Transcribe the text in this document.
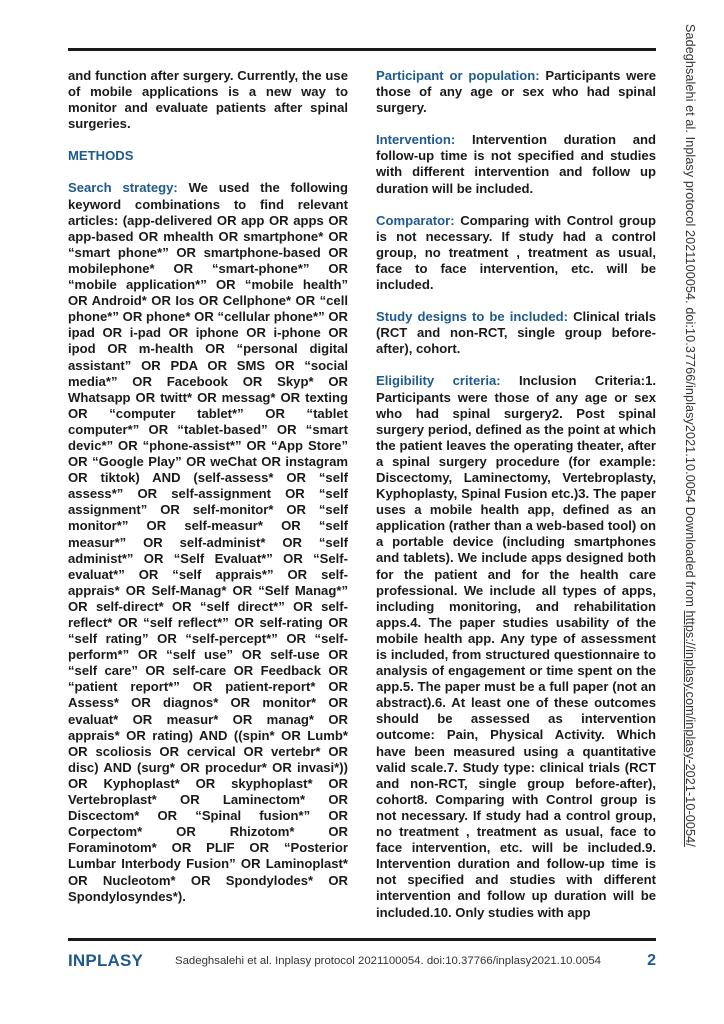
and function after surgery. Currently, the use of mobile applications is a new way to monitor and evaluate patients after spinal surgeries.

METHODS

Search strategy: We used the following keyword combinations to find relevant articles: (app-delivered OR app OR apps OR app-based OR mhealth OR smartphone* OR “smart phone*” OR smartphone-based OR mobilephone* OR “smart-phone*” OR “mobile application*” OR “mobile health” OR Android* OR Ios OR Cellphone* OR “cell phone*” OR phone* OR “cellular phone*” OR ipad OR i-pad OR iphone OR i-phone OR ipod OR m-health OR “personal digital assistant” OR PDA OR SMS OR “social media*” OR Facebook OR Skyp* OR Whatsapp OR twitt* OR messag* OR texting OR “computer tablet*” OR “tablet computer*” OR “tablet-based” OR “smart devic*” OR “phone-assist*” OR “App Store” OR “Google Play” OR weChat OR instagram OR tiktok) AND (self-assess* OR “self assess*” OR self-assignment OR “self assignment” OR self-monitor* OR “self monitor*” OR self-measur* OR “self measur*” OR self-administ* OR “self administ*” OR “Self Evaluat*” OR “Self-evaluat*” OR “self apprais*” OR self-apprais* OR Self-Manag* OR “Self Manag*” OR self-direct* OR “self direct*” OR self-reflect* OR “self reflect*” OR self-rating OR “self rating” OR “self-percept*” OR “self-perform*” OR “self use” OR self-use OR “self care” OR self-care OR Feedback OR “patient report*” OR patient-report* OR Assess* OR diagnos* OR monitor* OR evaluat* OR measur* OR manag* OR apprais* OR rating) AND ((spin* OR Lumb* OR scoliosis OR cervical OR vertebr* OR disc) AND (surg* OR procedur* OR invasi*)) OR Kyphoplast* OR skyphoplast* OR Vertebroplast* OR Laminectom* OR Discectom* OR “Spinal fusion*” OR Corpectom* OR Rhizotom* OR Foraminotom* OR PLIF OR “Posterior Lumbar Interbody Fusion” OR Laminoplast* OR Nucleotom* OR Spondylodes* OR Spondylosyndes*).

Participant or population: Participants were those of any age or sex who had spinal surgery.

Intervention: Intervention duration and follow-up time is not specified and studies with different intervention and follow up duration will be included.

Comparator: Comparing with Control group is not necessary. If study had a control group, no treatment , treatment as usual, face to face intervention, etc. will be included.

Study designs to be included: Clinical trials (RCT and non-RCT, single group before-after), cohort.

Eligibility criteria: Inclusion Criteria:1. Participants were those of any age or sex who had spinal surgery2. Post spinal surgery period, defined as the point at which the patient leaves the operating theater, after a spinal surgery procedure (for example: Discectomy, Laminectomy, Vertebroplasty, Kyphoplasty, Spinal Fusion etc.)3. The paper uses a mobile health app, defined as an application (rather than a web-based tool) on a portable device (including smartphones and tablets). We include apps designed both for the patient and for the health care professional. We include all types of apps, including monitoring, and rehabilitation apps.4. The paper studies usability of the mobile health app. Any type of assessment is included, from structured questionnaire to analysis of engagement or time spent on the app.5. The paper must be a full paper (not an abstract).6. At least one of these outcomes should be assessed as intervention outcome: Pain, Physical Activity. Which have been measured using a quantitative valid scale.7. Study type: clinical trials (RCT and non-RCT, single group before-after), cohort8. Comparing with Control group is not necessary. If study had a control group, no treatment , treatment as usual, face to face intervention, etc. will be included.9. Intervention duration and follow-up time is not specified and studies with different intervention and follow up duration will be included.10. Only studies with app

INPLASY	Sadeghsalehi et al. Inplasy protocol 2021100054. doi:10.37766/inplasy2021.10.0054	2
Sadeghsalehi et al. Inplasy protocol 2021100054. doi:10.37766/inplasy2021.10.0054 Downloaded from https://inplasy.com/inplasy-2021-10-0054/
